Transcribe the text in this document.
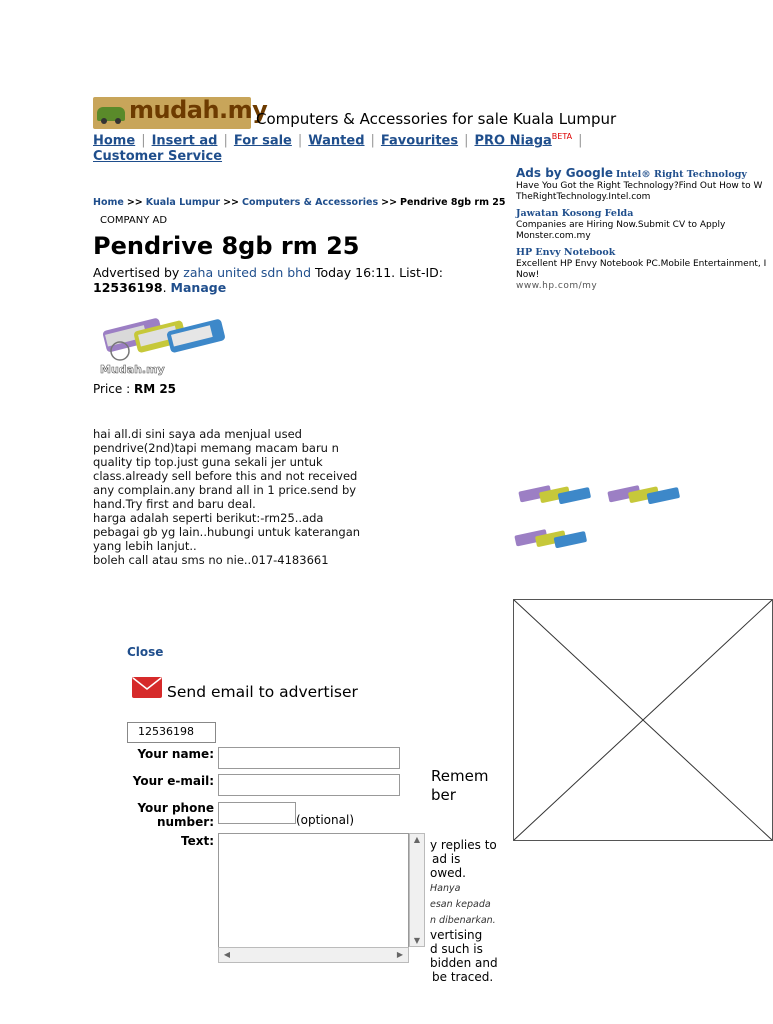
mudah.my
Computers & Accessories for sale Kuala Lumpur
Home | Insert ad | For sale | Wanted | Favourites | PRO Niaga$^{BETA}$ |
Customer Service
Home >> Kuala Lumpur >> Computers & Accessories >> Pendrive 8gb rm 25
COMPANY AD
Pendrive 8gb rm 25
Advertised by zaha united sdn bhd Today 16:11. List-ID:
12536198. Manage
Mudah.my
Price : RM 25
hai all.di sini saya ada menjual used
pendrive(2nd)tapi memang macam baru n
quality tip top.just guna sekali jer untuk
class.already sell before this and not received
any complain.any brand all in 1 price.send by
hand.Try first and baru deal.
harga adalah seperti berikut:-rm25..ada
pebagai gb yg lain..hubungi untuk katerangan
yang lebih lanjut..
boleh call atau sms no nie..017-4183661
Ads by Google Intel® Right Technology
Have You Got the Right Technology?Find Out How to W
TheRightTechnology.Intel.com
Jawatan Kosong Felda
Companies are Hiring Now.Submit CV to Apply
Monster.com.my
HP Envy Notebook
Excellent HP Envy Notebook PC.Mobile Entertainment, I Now!
www.hp.com/my
Close
Send email to advertiser
12536198
Your name:
Your e-mail:
Your phone number:	(optional)
Text:	▲
▼
◀	▶
Remem ber
y replies to
ad is
owed. Hanya
esan kepada
n dibenarkan.
vertising
d such is
bidden and
be traced.
